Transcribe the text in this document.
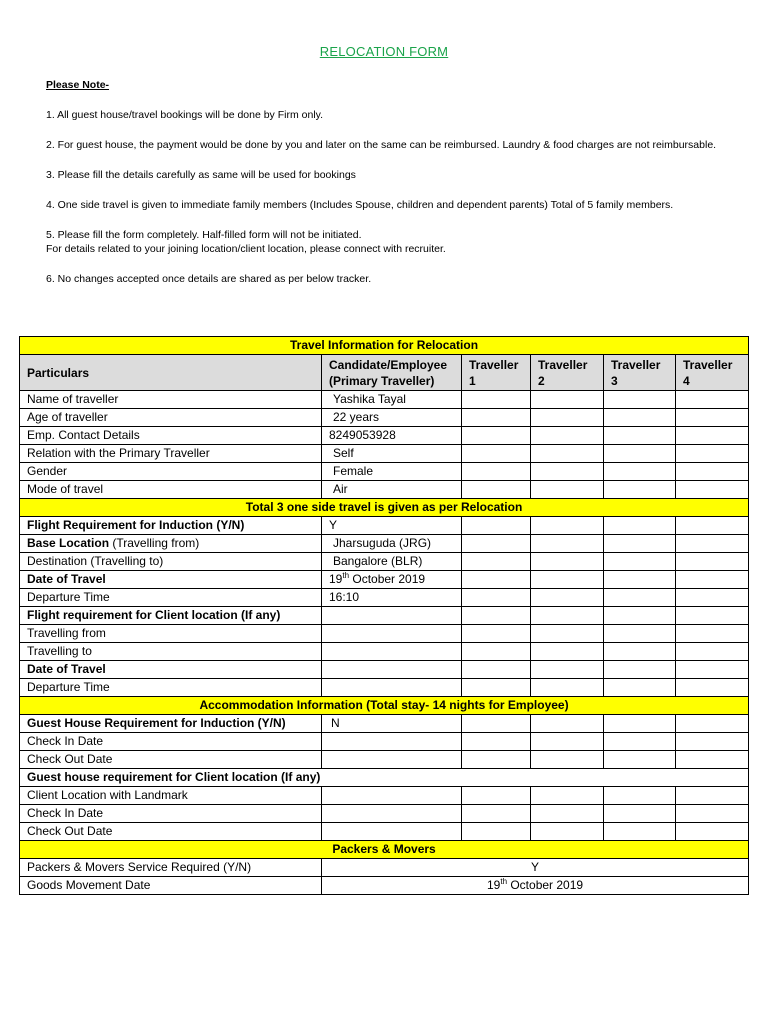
RELOCATION FORM
Please Note-

1. All guest house/travel bookings will be done by Firm only.

2. For guest house, the payment would be done by you and later on the same can be reimbursed. Laundry & food charges are not reimbursable.

3. Please fill the details carefully as same will be used for bookings

4. One side travel is given to immediate family members (Includes Spouse, children and dependent parents) Total of 5 family members.

5. Please fill the form completely. Half-filled form will not be initiated.

For details related to your joining location/client location, please connect with recruiter.

6. No changes accepted once details are shared as per below tracker.

Travel Information for Relocation					
Particulars	Candidate/Employee (Primary Traveller)	Traveller 1	Traveller 2	Traveller 3	Traveller 4
Name of traveller	Yashika Tayal				
Age of traveller	22 years				
Emp. Contact Details	8249053928				
Relation with the Primary Traveller	Self				
Gender	Female				
Mode of travel	Air				
Total 3 one side travel is given as per Relocation					
Flight Requirement for Induction (Y/N)	Y				
Base Location (Travelling from)	Jharsuguda (JRG)				
Destination (Travelling to)	Bangalore (BLR)				
Date of Travel	19th October 2019				
Departure Time	16:10				
Flight requirement for Client location (If any)					
Travelling from					
Travelling to					
Date of Travel					
Departure Time					
Accommodation Information (Total stay- 14 nights for Employee)					
Guest House Requirement for Induction (Y/N)	N				
Check In Date					
Check Out Date					
Guest house requirement for Client location (If any)					
Client Location with Landmark					
Check In Date					
Check Out Date					
Packers & Movers					
Packers & Movers Service Required (Y/N)	Y				
Goods Movement Date	19th October 2019				
